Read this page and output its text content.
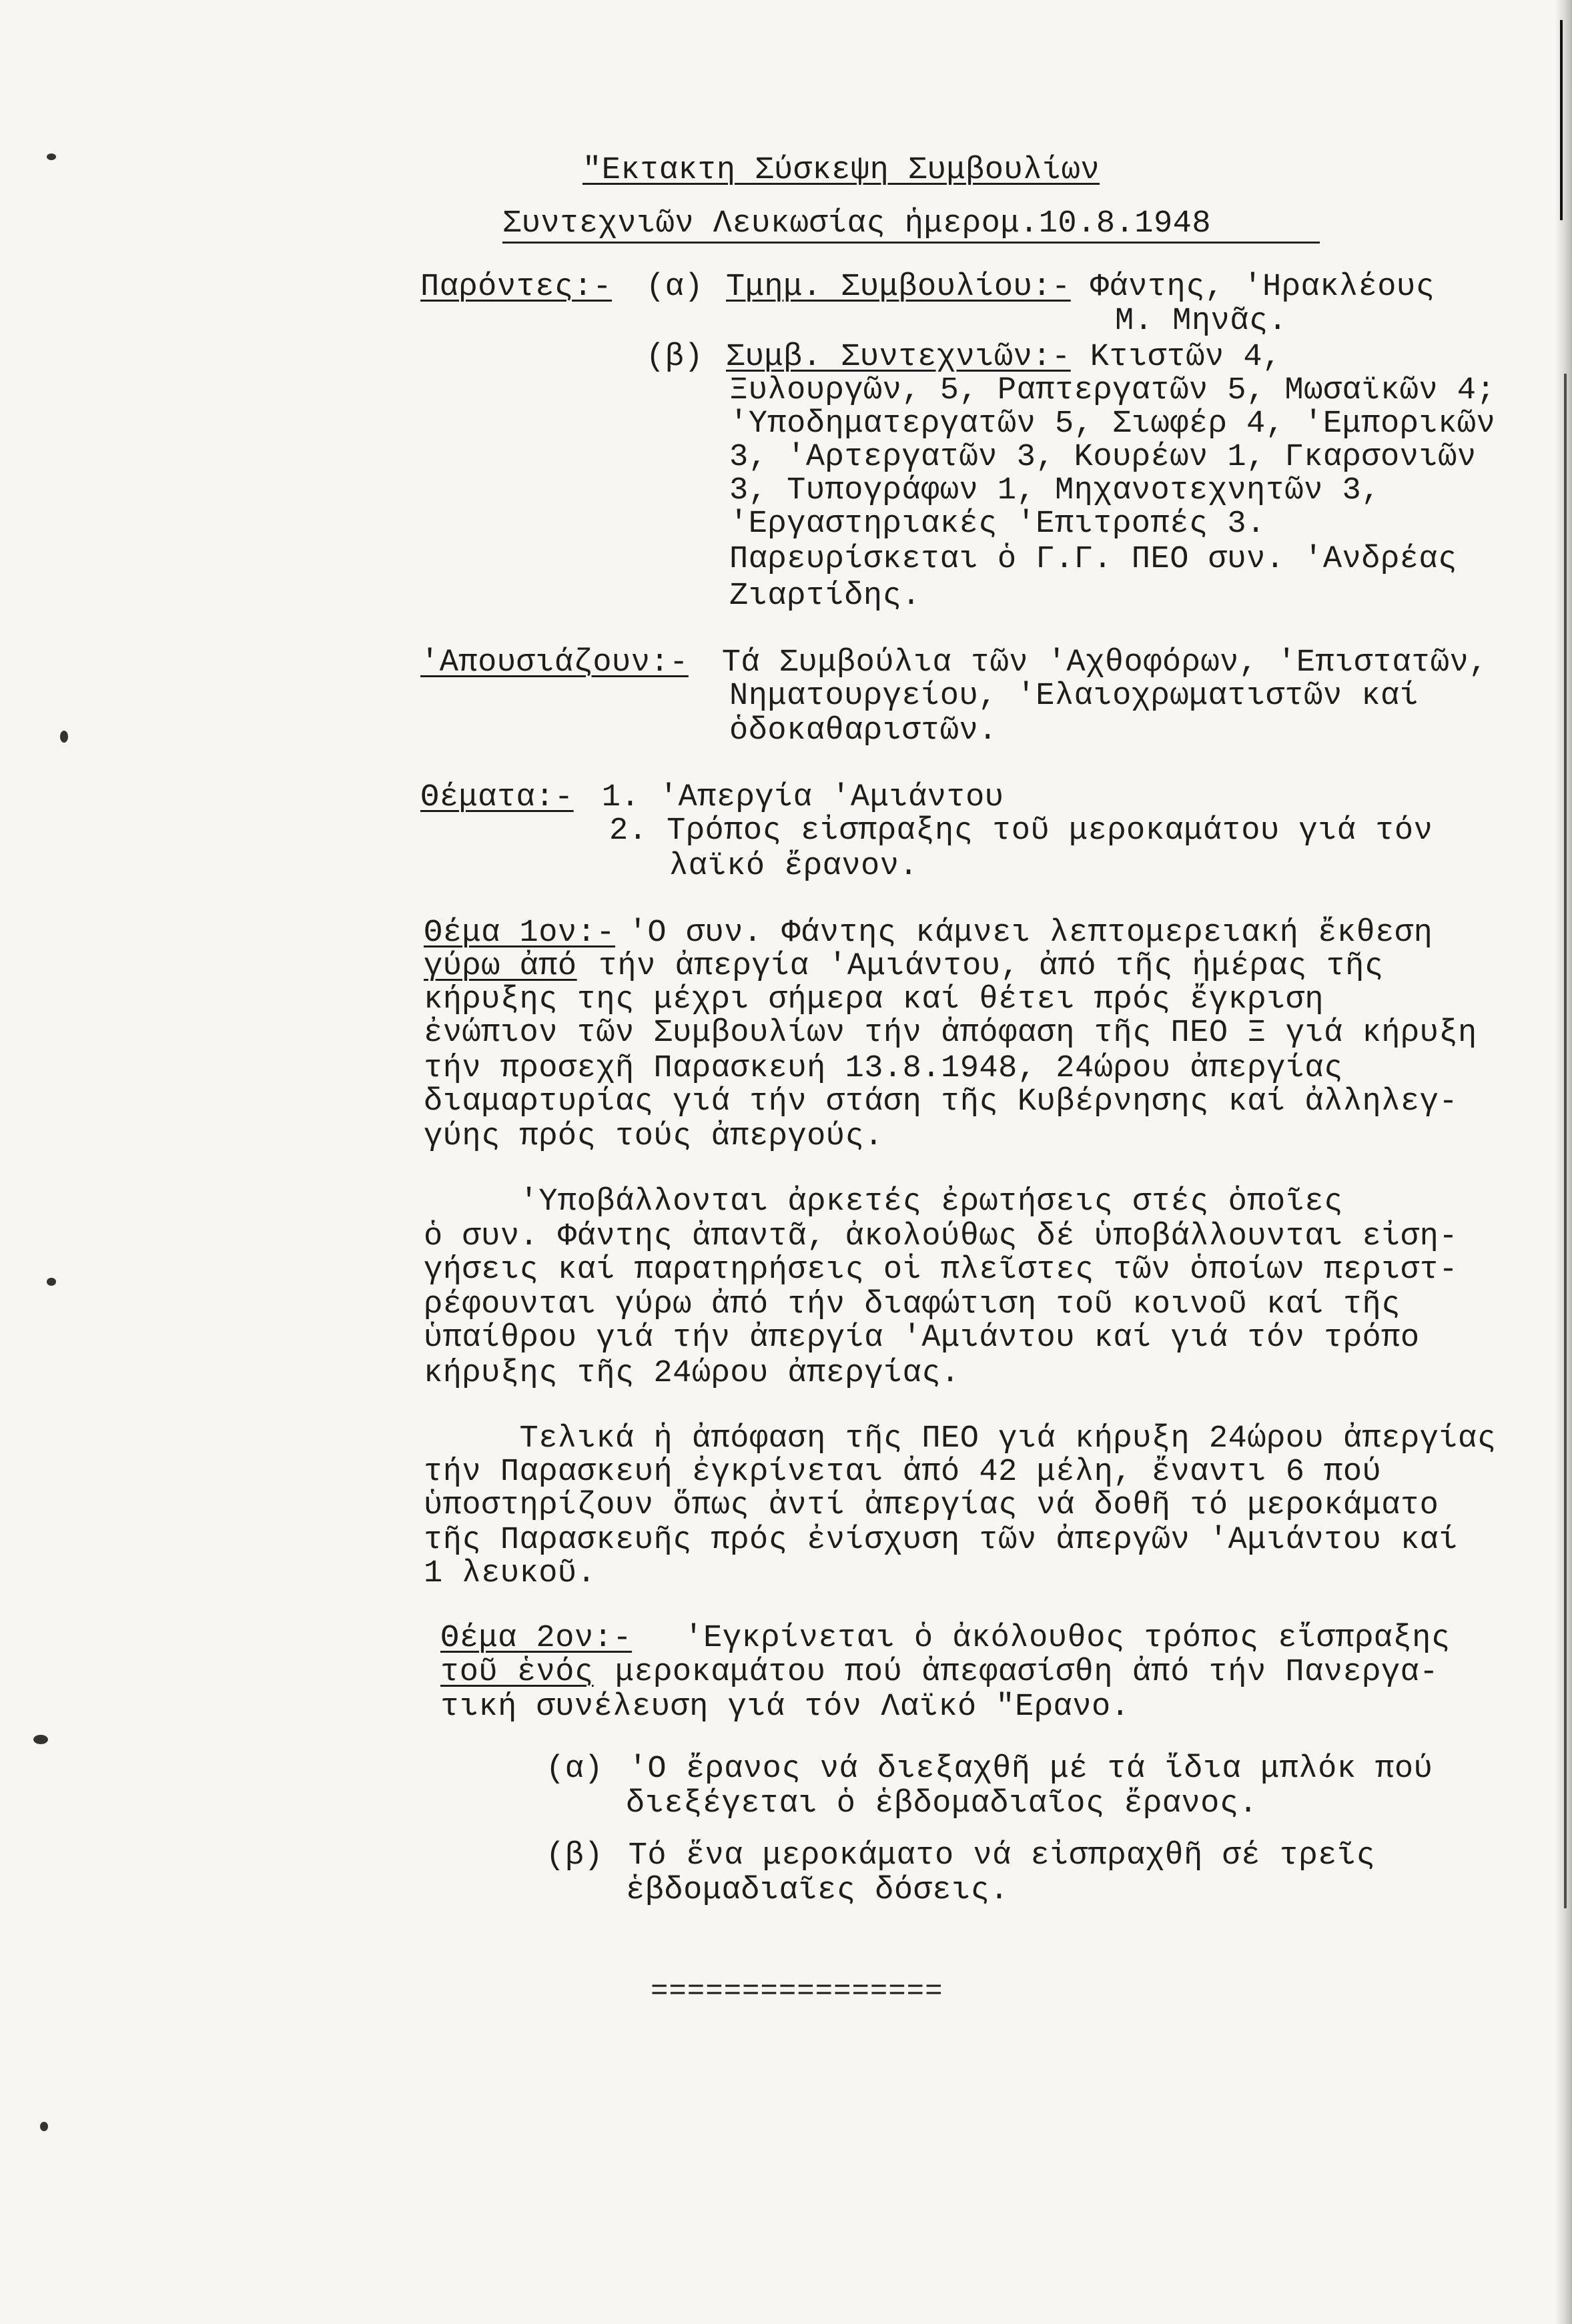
"Εκτακτη Σύσκεψη Συμβουλίων
Συντεχνιῶν Λευκωσίας ἡμερομ.10.8.1948
Παρόντες:- (α) Τμημ. Συμβουλίου:- Φάντης, 'Ηρακλέους
Μ. Μηνᾶς.
(β) Συμβ. Συντεχνιῶν:- Κτιστῶν 4,
Ξυλουργῶν, 5, Ραπτεργατῶν 5, Μωσαϊκῶν 4;
'Υποδηματεργατῶν 5, Σιωφέρ 4, 'Εμπορικῶν
3, 'Αρτεργατῶν 3, Κουρέων 1, Γκαρσονιῶν
3, Τυπογράφων 1, Μηχανοτεχνητῶν 3,
'Εργαστηριακές 'Επιτροπές 3.
Παρευρίσκεται ὁ Γ.Γ. ΠΕΟ συν. 'Ανδρέας
Ζιαρτίδης.
'Απουσιάζουν:- Τά Συμβούλια τῶν 'Αχθοφόρων, 'Επιστατῶν,
Νηματουργείου, 'Ελαιοχρωματιστῶν καί
ὁδοκαθαριστῶν.
Θέματα:- 1. 'Απεργία 'Αμιάντου
2. Τρόπος εἰσπραξης τοῦ μεροκαμάτου γιά τόν
λαϊκό ἔρανον.
Θέμα 1ον:-
'Ο συν. Φάντης κάμνει λεπτομερειακή ἔκθεση
γύρω ἀπό τήν ἀπεργία 'Αμιάντου, ἀπό τῆς ἡμέρας τῆς
κήρυξης της μέχρι σήμερα καί θέτει πρός ἔγκριση
ἐνώπιον τῶν Συμβουλίων τήν ἀπόφαση τῆς ΠΕΟ Ξ γιά κήρυξη
τήν προσεχῆ Παρασκευή 13.8.1948, 24ώρου ἀπεργίας
διαμαρτυρίας γιά τήν στάση τῆς Κυβέρνησης καί ἀλληλεγ-
γύης πρός τούς ἀπεργούς.
'Υποβάλλονται ἀρκετές ἐρωτήσεις στές ὁποῖες
ὁ συν. Φάντης ἀπαντᾶ, ἀκολούθως δέ ὑποβάλλουνται εἰση-
γήσεις καί παρατηρήσεις οἱ πλεῖστες τῶν ὁποίων περιστ-
ρέφουνται γύρω ἀπό τήν διαφώτιση τοῦ κοινοῦ καί τῆς
ὑπαίθρου γιά τήν ἀπεργία 'Αμιάντου καί γιά τόν τρόπο
κήρυξης τῆς 24ώρου ἀπεργίας.
Τελικά ἡ ἀπόφαση τῆς ΠΕΟ γιά κήρυξη 24ώρου ἀπεργίας
τήν Παρασκευή ἐγκρίνεται ἀπό 42 μέλη, ἔναντι 6 πού
ὑποστηρίζουν ὅπως ἀντί ἀπεργίας νά δοθῆ τό μεροκάματο
τῆς Παρασκευῆς πρός ἐνίσχυση τῶν ἀπεργῶν 'Αμιάντου καί
1 λευκοῦ.
Θέμα 2ον:- 'Εγκρίνεται ὁ ἀκόλουθος τρόπος εἴσπραξης
τοῦ ἑνός μεροκαμάτου πού ἀπεφασίσθη ἀπό τήν Πανεργα-
τική συνέλευση γιά τόν Λαϊκό "Ερανο.
(α) 'Ο ἔρανος νά διεξαχθῆ μέ τά ἴδια μπλόκ πού
διεξέγεται ὁ ἑβδομαδιαῖος ἔρανος.
(β) Τό ἕνα μεροκάματο νά εἰσπραχθῆ σέ τρεῖς
ἑβδομαδιαῖες δόσεις.
================
